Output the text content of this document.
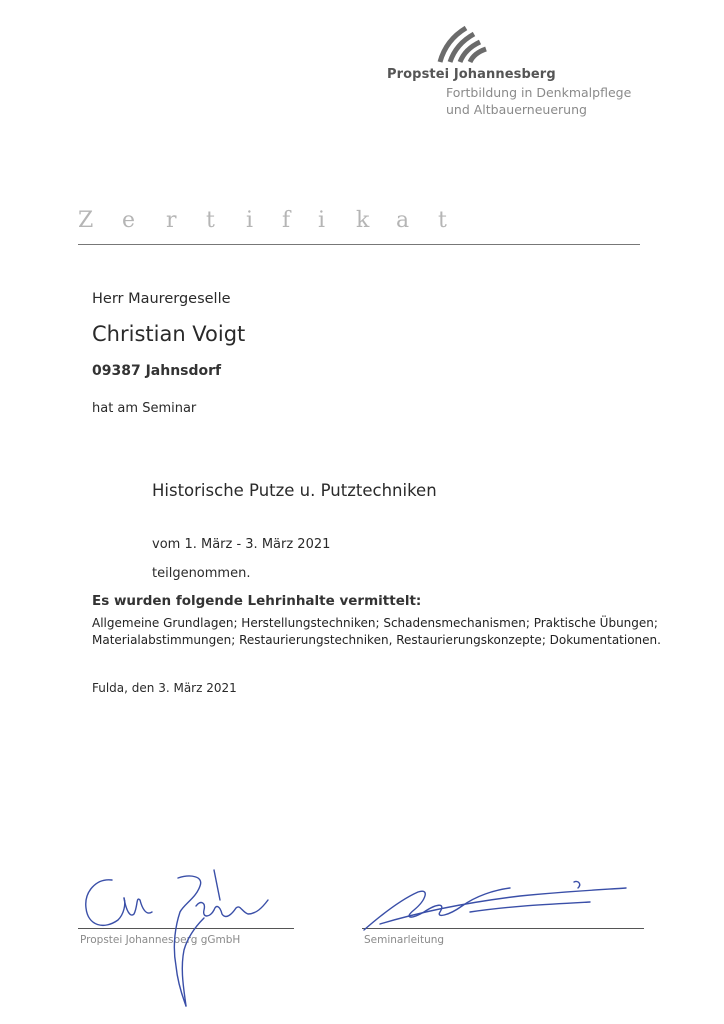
Propstei Johannesberg
Fortbildung in Denkmalpflege
und Altbauerneuerung
Z e r t i f i k a t
Herr Maurergeselle
Christian Voigt
09387 Jahnsdorf
hat am Seminar
Historische Putze u. Putztechniken
vom 1. März - 3. März 2021
teilgenommen.
Es wurden folgende Lehrinhalte vermittelt:
Allgemeine Grundlagen; Herstellungstechniken; Schadensmechanismen; Praktische Übungen;
Materialabstimmungen; Restaurierungstechniken, Restaurierungskonzepte; Dokumentationen.
Fulda, den 3. März 2021
Propstei Johannesberg gGmbH	Seminarleitung
